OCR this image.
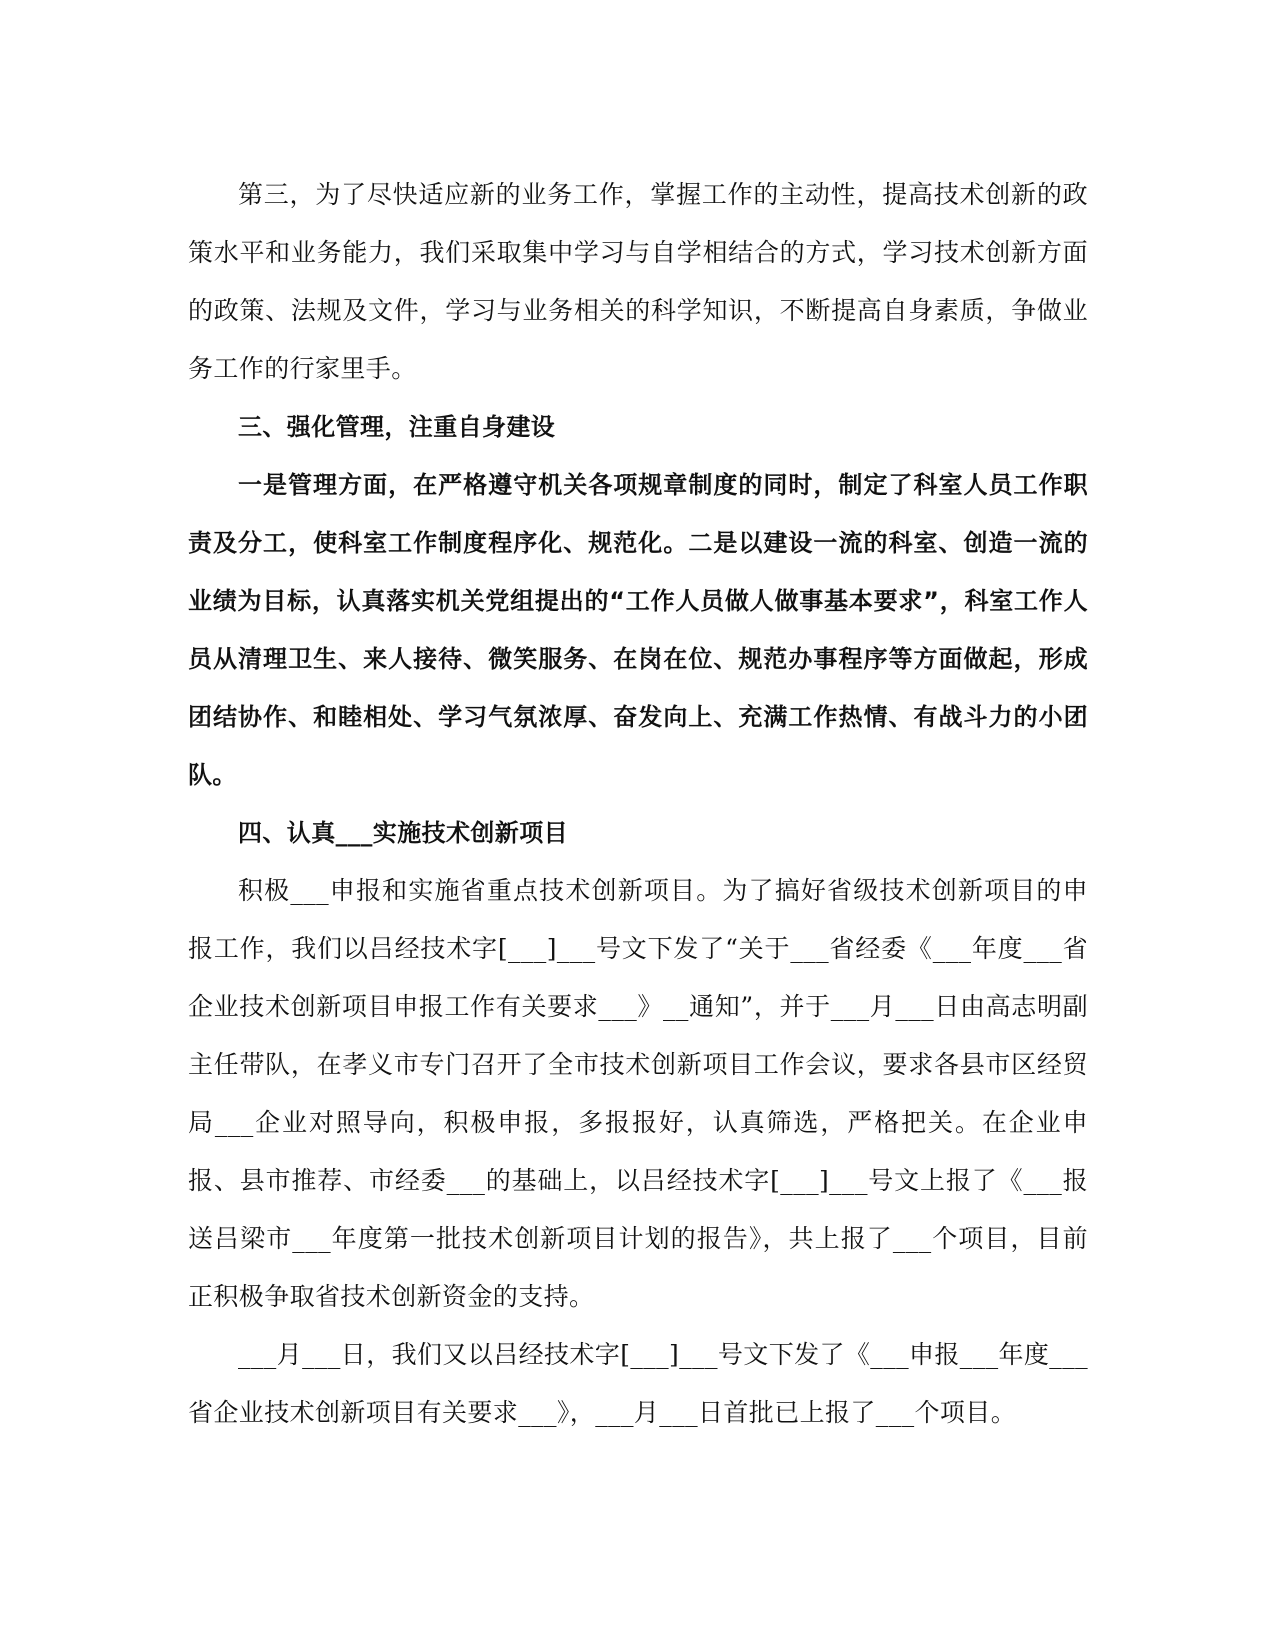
第三，为了尽快适应新的业务工作，掌握工作的主动性，提高技术创新的政策水平和业务能力，我们采取集中学习与自学相结合的方式，学习技术创新方面的政策、法规及文件，学习与业务相关的科学知识，不断提高自身素质，争做业务工作的行家里手。

三、强化管理，注重自身建设

一是管理方面，在严格遵守机关各项规章制度的同时，制定了科室人员工作职责及分工，使科室工作制度程序化、规范化。二是以建设一流的科室、创造一流的业绩为目标，认真落实机关党组提出的“工作人员做人做事基本要求”，科室工作人员从清理卫生、来人接待、微笑服务、在岗在位、规范办事程序等方面做起，形成团结协作、和睦相处、学习气氛浓厚、奋发向上、充满工作热情、有战斗力的小团队。

四、认真___实施技术创新项目

积极___申报和实施省重点技术创新项目。为了搞好省级技术创新项目的申报工作，我们以吕经技术字[___]___号文下发了“关于___省经委《___年度___省企业技术创新项目申报工作有关要求___》__通知”，并于___月___日由高志明副主任带队，在孝义市专门召开了全市技术创新项目工作会议，要求各县市区经贸局___企业对照导向，积极申报，多报报好，认真筛选，严格把关。在企业申报、县市推荐、市经委___的基础上，以吕经技术字[___]___号文上报了《___报送吕梁市___年度第一批技术创新项目计划的报告》，共上报了___个项目，目前正积极争取省技术创新资金的支持。

___月___日，我们又以吕经技术字[___]___号文下发了《___申报___年度___省企业技术创新项目有关要求___》，___月___日首批已上报了___个项目。
